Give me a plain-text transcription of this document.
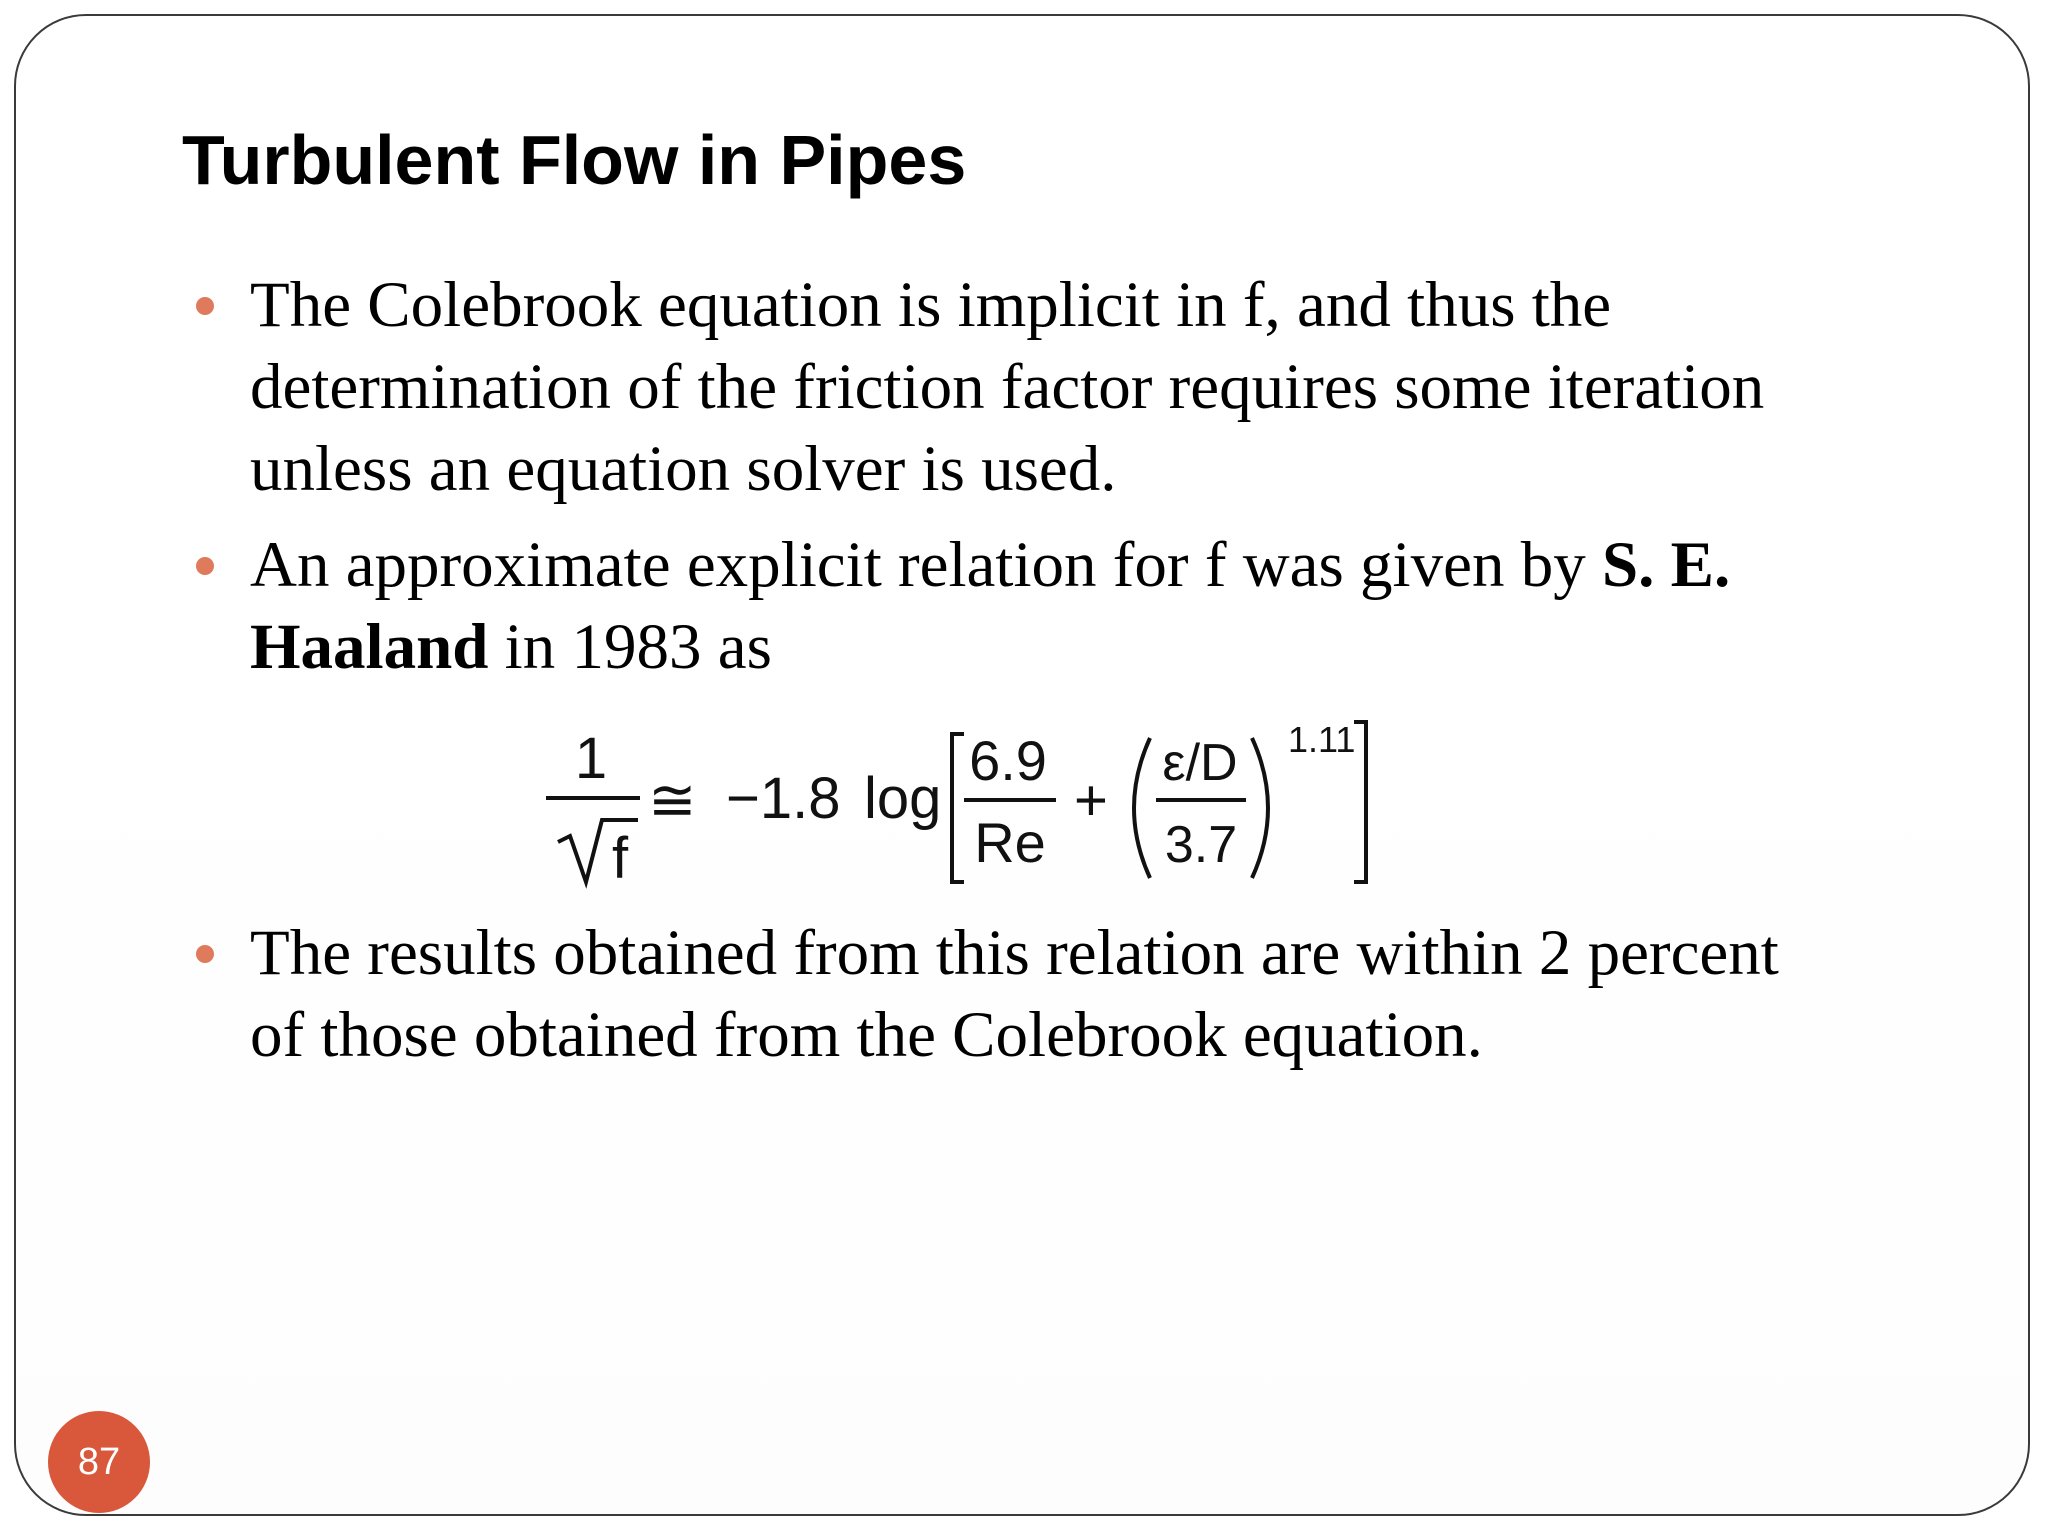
Turbulent Flow in Pipes
The Colebrook equation is implicit in f, and thus the
determination of the friction factor requires some iteration
unless an equation solver is used.
An approximate explicit relation for f was given by S. E.
Haaland in 1983 as
1
f
≅ −1.8 log
6.9
Re
+
ε/D
3.7
1.11
The results obtained from this relation are within 2 percent
of those obtained from the Colebrook equation.
87
